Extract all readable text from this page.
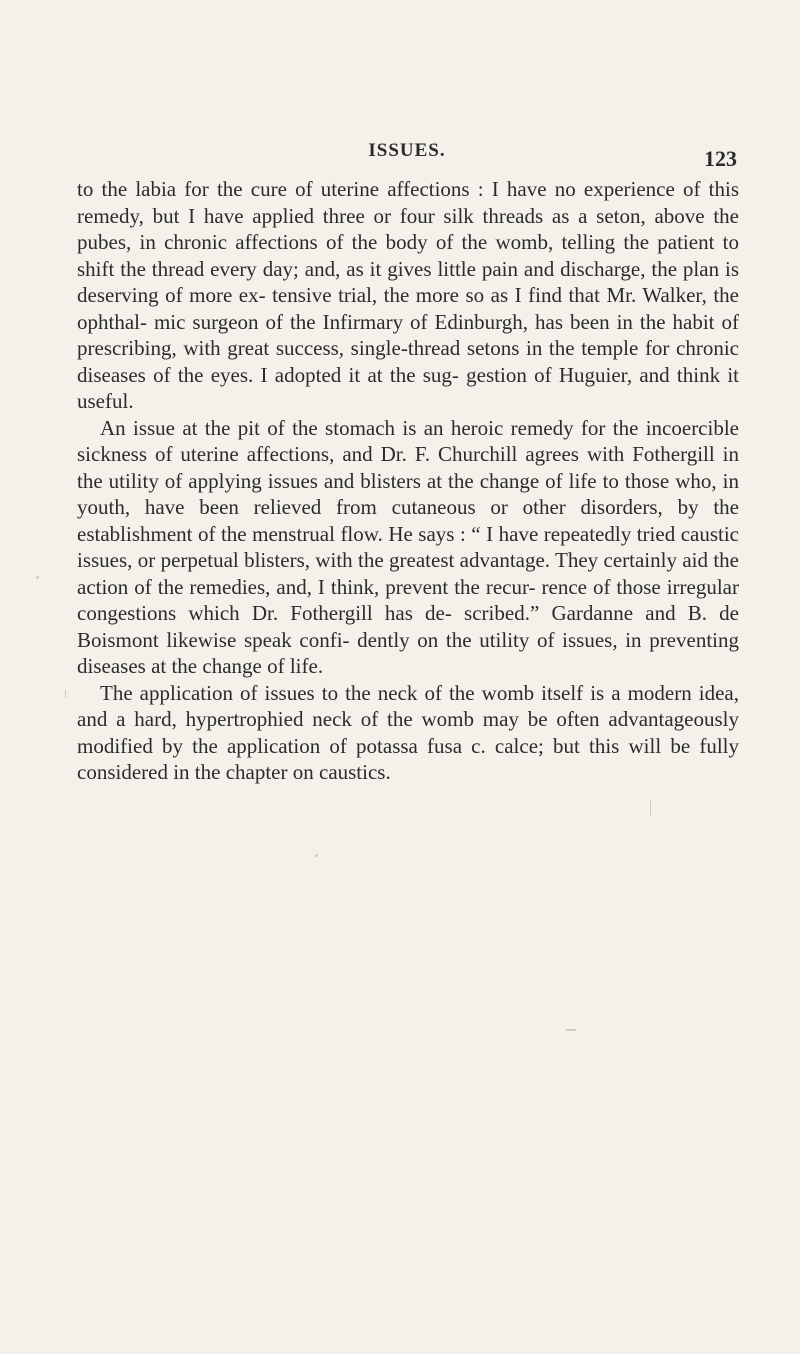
ISSUES.	123

to the labia for the cure of uterine affections : I have no experience of this remedy, but I have applied three or four silk threads as a seton, above the pubes, in chronic affections of the body of the womb, telling the patient to shift the thread every day; and, as it gives little pain and discharge, the plan is deserving of more ex- tensive trial, the more so as I find that Mr. Walker, the ophthal- mic surgeon of the Infirmary of Edinburgh, has been in the habit of prescribing, with great success, single-thread setons in the temple for chronic diseases of the eyes. I adopted it at the sug- gestion of Huguier, and think it useful.

An issue at the pit of the stomach is an heroic remedy for the incoercible sickness of uterine affections, and Dr. F. Churchill agrees with Fothergill in the utility of applying issues and blisters at the change of life to those who, in youth, have been relieved from cutaneous or other disorders, by the establishment of the menstrual flow. He says : “ I have repeatedly tried caustic issues, or perpetual blisters, with the greatest advantage. They certainly aid the action of the remedies, and, I think, prevent the recur- rence of those irregular congestions which Dr. Fothergill has de- scribed.” Gardanne and B. de Boismont likewise speak confi- dently on the utility of issues, in preventing diseases at the change of life.

The application of issues to the neck of the womb itself is a modern idea, and a hard, hypertrophied neck of the womb may be often advantageously modified by the application of potassa fusa c. calce; but this will be fully considered in the chapter on caustics.
